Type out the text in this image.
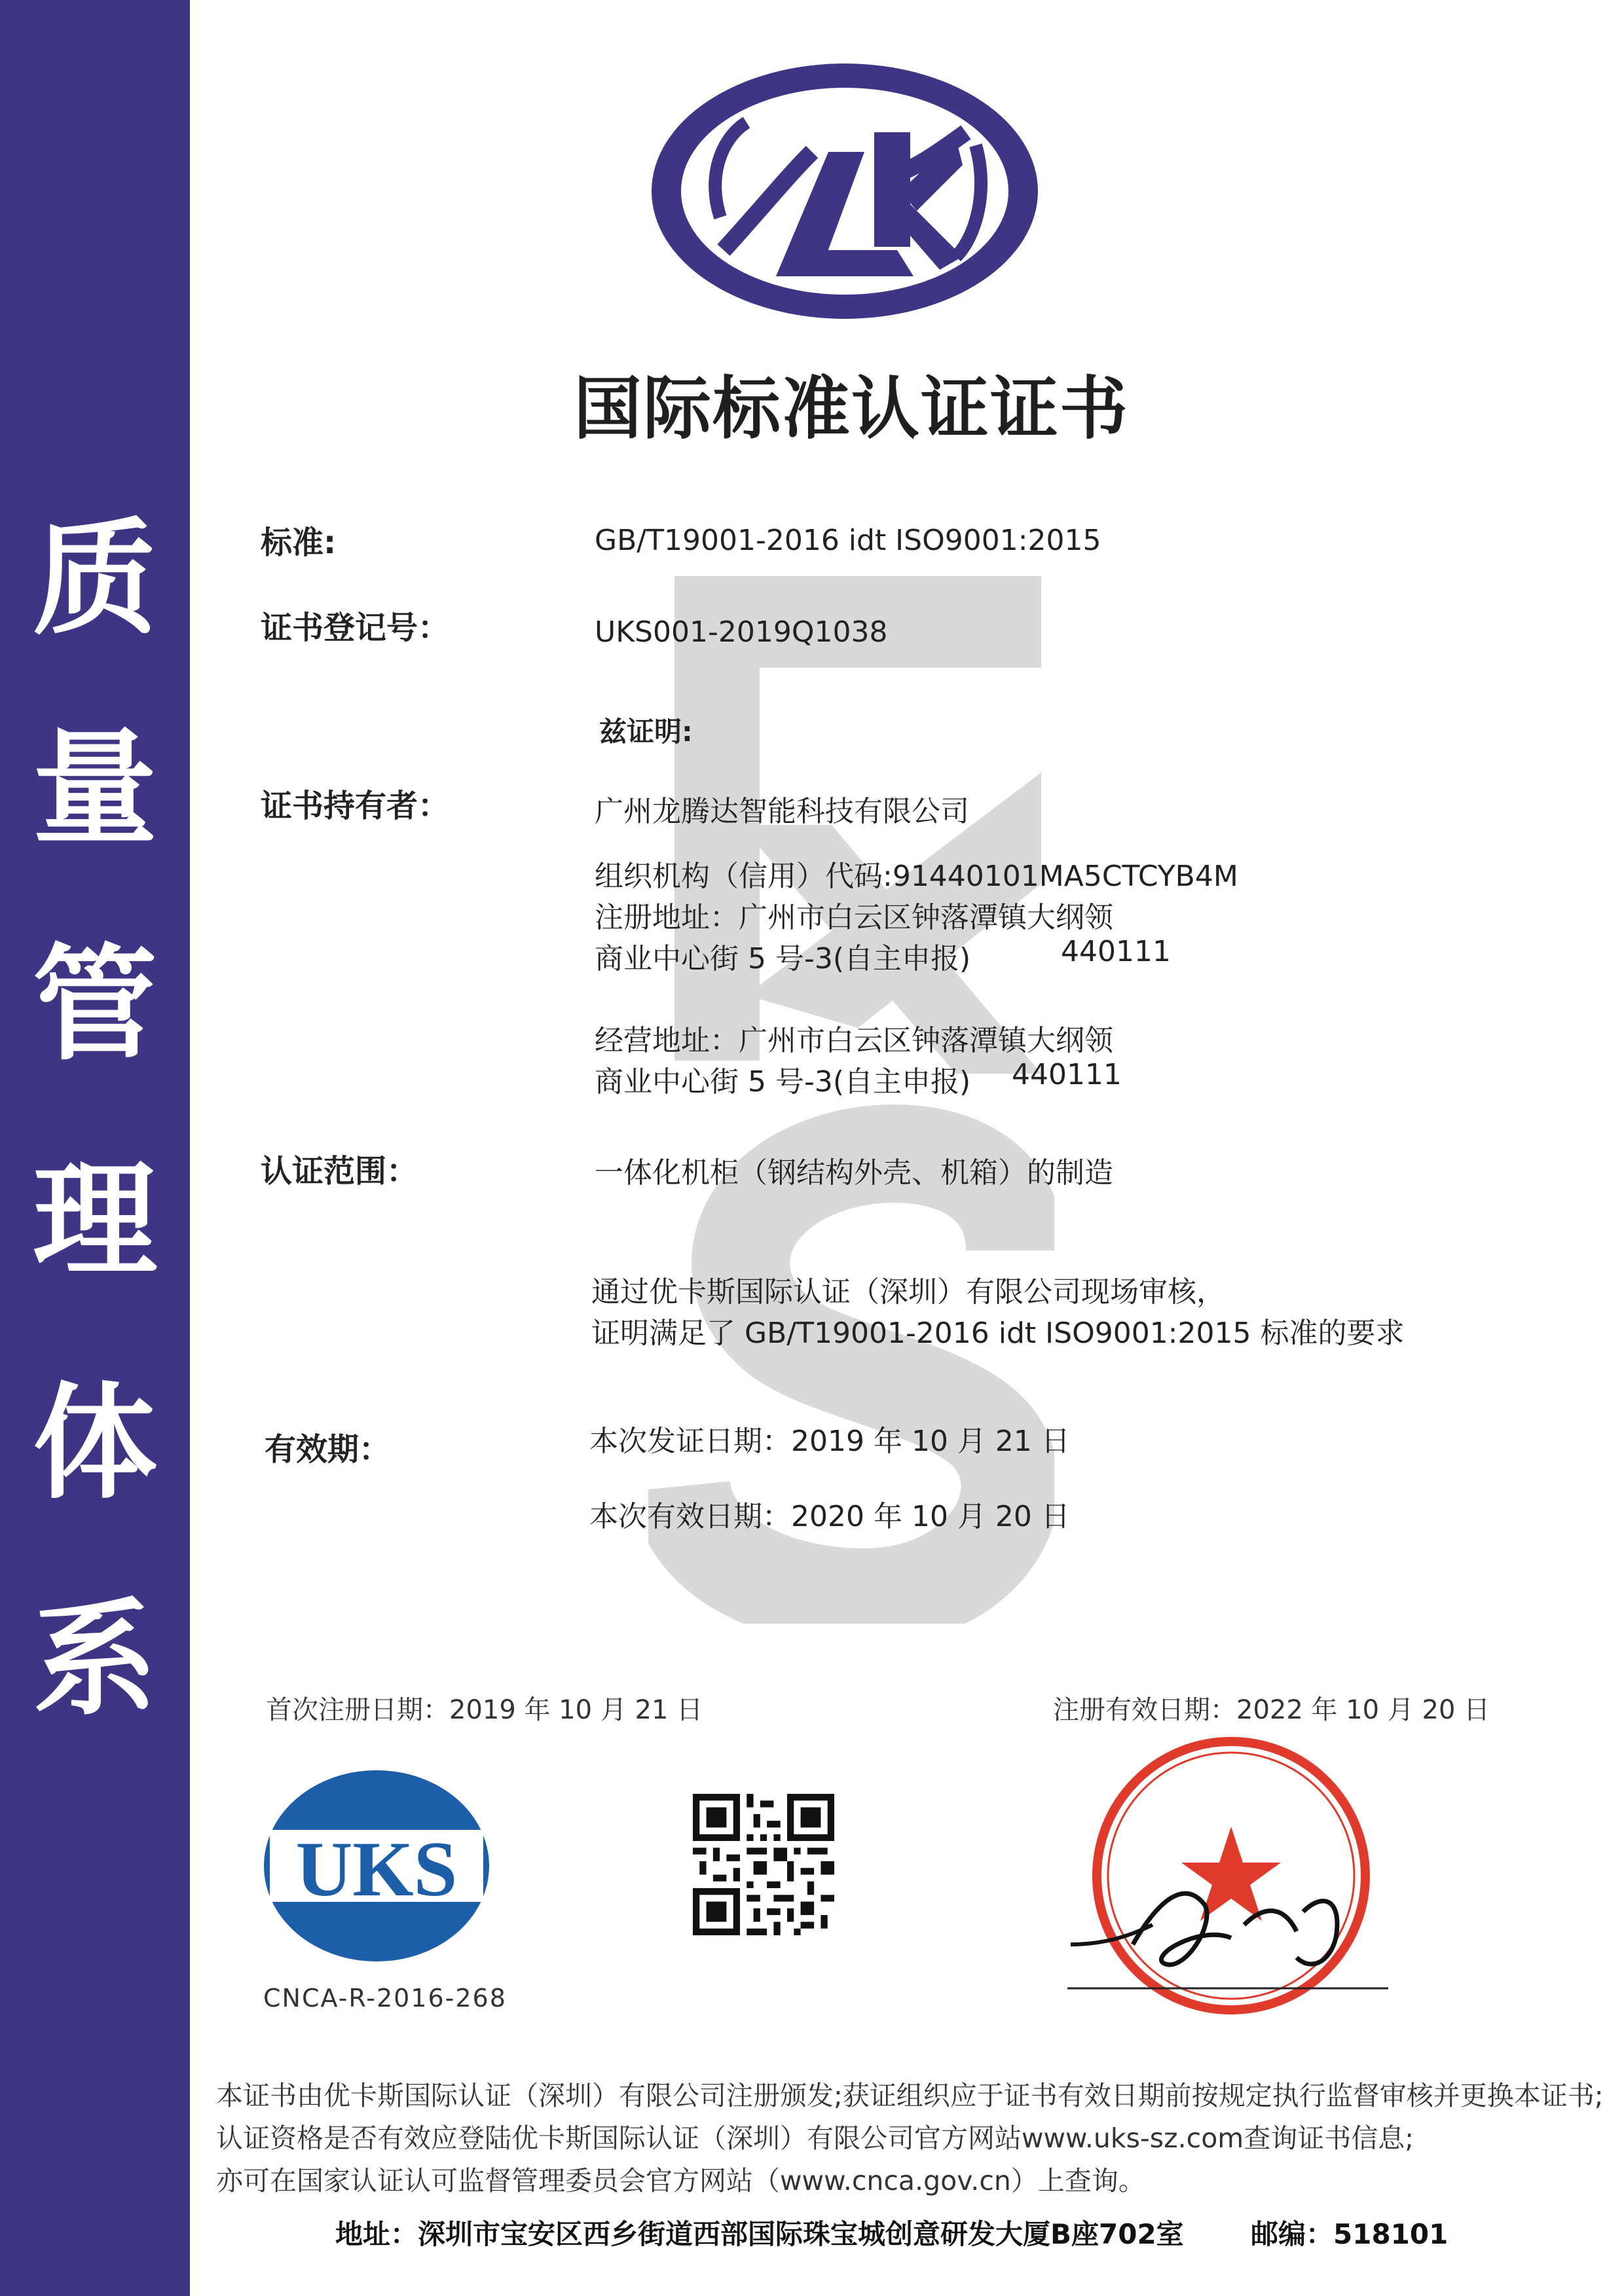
质
量
管
理
体
系
国际标准认证证书
标准:	GB/T19001-2016 idt ISO9001:2015
证书登记号：	UKS001-2019Q1038
兹证明:
证书持有者：	广州龙腾达智能科技有限公司
组织机构（信用）代码:91440101MA5CTCYB4M
注册地址：广州市白云区钟落潭镇大纲领
商业中心街 5 号-3(自主申报)	440111
经营地址：广州市白云区钟落潭镇大纲领
商业中心街 5 号-3(自主申报) 440111
认证范围：	一体化机柜（钢结构外壳、机箱）的制造
通过优卡斯国际认证（深圳）有限公司现场审核，
证明满足了 GB/T19001-2016 idt ISO9001:2015 标准的要求
有效期：	本次发证日期：2019 年 10 月 21 日
本次有效日期：2020 年 10 月 20 日
首次注册日期：2019 年 10 月 21 日	注册有效日期：2022 年 10 月 20 日
UKS
CNCA-R-2016-268
本证书由优卡斯国际认证（深圳）有限公司注册颁发;获证组织应于证书有效日期前按规定执行监督审核并更换本证书;
认证资格是否有效应登陆优卡斯国际认证（深圳）有限公司官方网站www.uks-sz.com查询证书信息;
亦可在国家认证认可监督管理委员会官方网站（www.cnca.gov.cn）上查询。
地址：深圳市宝安区西乡街道西部国际珠宝城创意研发大厦B座702室 邮编：518101
